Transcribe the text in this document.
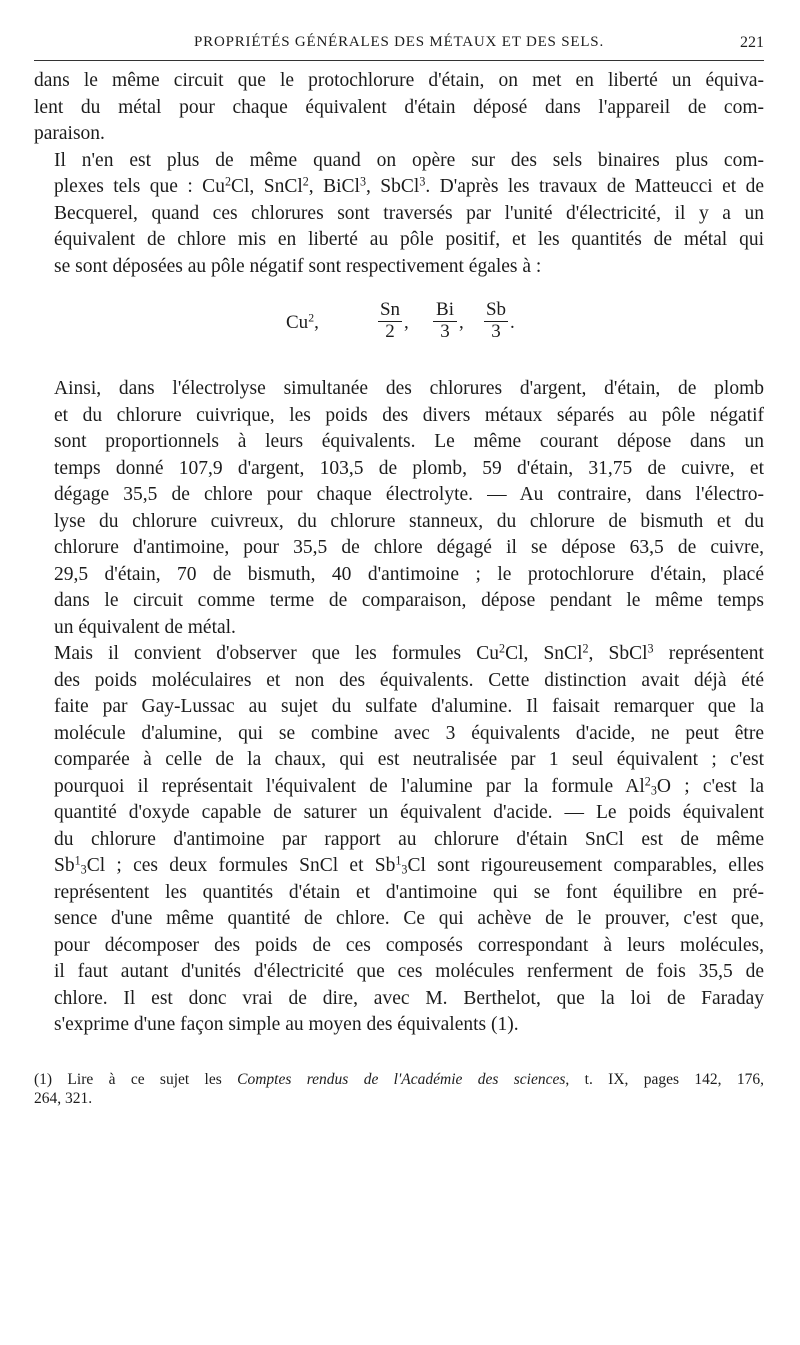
PROPRIÉTÉS GÉNÉRALES DES MÉTAUX ET DES SELS.	221

dans le même circuit que le protochlorure d'étain, on met en liberté un équiva-
lent du métal pour chaque équivalent d'étain déposé dans l'appareil de com-
paraison.

Il n'en est plus de même quand on opère sur des sels binaires plus com-
plexes tels que : Cu$^2$Cl, SnCl$^2$, BiCl$^3$, SbCl$^3$. D'après les travaux de Matteucci et de
Becquerel, quand ces chlorures sont traversés par l'unité d'électricité, il y a un
équivalent de chlore mis en liberté au pôle positif, et les quantités de métal qui
se sont déposées au pôle négatif sont respectivement égales à :

Cu$^2$,	$\frac{Sn}{2}$ , $\frac{Bi}{3}$ , $\frac{Sb}{3}$ .

Ainsi, dans l'électrolyse simultanée des chlorures d'argent, d'étain, de plomb
et du chlorure cuivrique, les poids des divers métaux séparés au pôle négatif
sont proportionnels à leurs équivalents. Le même courant dépose dans un
temps donné 107,9 d'argent, 103,5 de plomb, 59 d'étain, 31,75 de cuivre, et
dégage 35,5 de chlore pour chaque électrolyte. — Au contraire, dans l'électro-
lyse du chlorure cuivreux, du chlorure stanneux, du chlorure de bismuth et du
chlorure d'antimoine, pour 35,5 de chlore dégagé il se dépose 63,5 de cuivre,
29,5 d'étain, 70 de bismuth, 40 d'antimoine ; le protochlorure d'étain, placé
dans le circuit comme terme de comparaison, dépose pendant le même temps
un équivalent de métal.

Mais il convient d'observer que les formules Cu$^2$Cl, SnCl$^2$, SbCl$^3$ représentent
des poids moléculaires et non des équivalents. Cette distinction avait déjà été
faite par Gay-Lussac au sujet du sulfate d'alumine. Il faisait remarquer que la
molécule d'alumine, qui se combine avec 3 équivalents d'acide, ne peut être
comparée à celle de la chaux, qui est neutralisée par 1 seul équivalent ; c'est
pourquoi il représentait l'équivalent de l'alumine par la formule $Al^2_3O$ ; c'est la
quantité d'oxyde capable de saturer un équivalent d'acide. — Le poids équivalent
du chlorure d'antimoine par rapport au chlorure d'étain SnCl est de même
$Sb^1_3Cl$ ; ces deux formules SnCl et $Sb^1_3Cl$ sont rigoureusement comparables, elles
représentent les quantités d'étain et d'antimoine qui se font équilibre en pré-
sence d'une même quantité de chlore. Ce qui achève de le prouver, c'est que,
pour décomposer des poids de ces composés correspondant à leurs molécules,
il faut autant d'unités d'électricité que ces molécules renferment de fois 35,5 de
chlore. Il est donc vrai de dire, avec M. Berthelot, que la loi de Faraday
s'exprime d'une façon simple au moyen des équivalents (1).

(1) Lire à ce sujet les Comptes rendus de l'Académie des sciences, t. IX, pages 142, 176,
264, 321.
